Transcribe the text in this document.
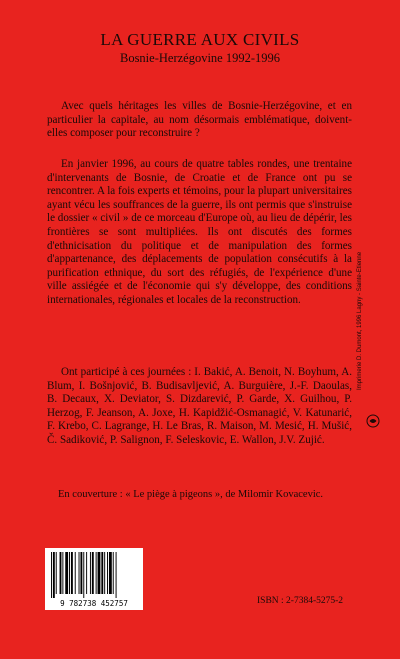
LA GUERRE AUX CIVILS
Bosnie-Herzégovine 1992-1996

Avec quels héritages les villes de Bosnie-Herzégovine, et en particulier la capitale, au nom désormais emblématique, doivent-elles composer pour reconstruire ?

En janvier 1996, au cours de quatre tables rondes, une trentaine d'intervenants de Bosnie, de Croatie et de France ont pu se rencontrer. A la fois experts et témoins, pour la plupart universitaires ayant vécu les souffrances de la guerre, ils ont permis que s'instruise le dossier « civil » de ce morceau d'Europe où, au lieu de dépérir, les frontières se sont multipliées. Ils ont discutés des formes d'ethnicisation du politique et de manipulation des formes d'appartenance, des déplacements de population consécutifs à la purification ethnique, du sort des réfugiés, de l'expérience d'une ville assiégée et de l'économie qui s'y développe, des conditions internationales, régionales et locales de la reconstruction.

Ont participé à ces journées : I. Bakić, A. Benoit, N. Boyhum, A. Blum, I. Bošnjović, B. Budisavljević, A. Burguière, J.-F. Daoulas, B. Decaux, X. Deviator, S. Dizdarević, P. Garde, X. Guilhou, P. Herzog, F. Jeanson, A. Joxe, H. Kapidžić-Osmanagić, V. Katunarić, F. Krebo, C. Lagrange, H. Le Bras, R. Maison, M. Mesić, H. Mušić, Č. Sadiković, P. Salignon, F. Seleskovic, E. Wallon, J.V. Zujić.

En couverture : « Le piège à pigeons », de Milomir Kovacevic.
Imprimerie D. Dumont, 1996 Lagny - Sainte-Etienne
9 782738 452757	ISBN : 2-7384-5275-2
